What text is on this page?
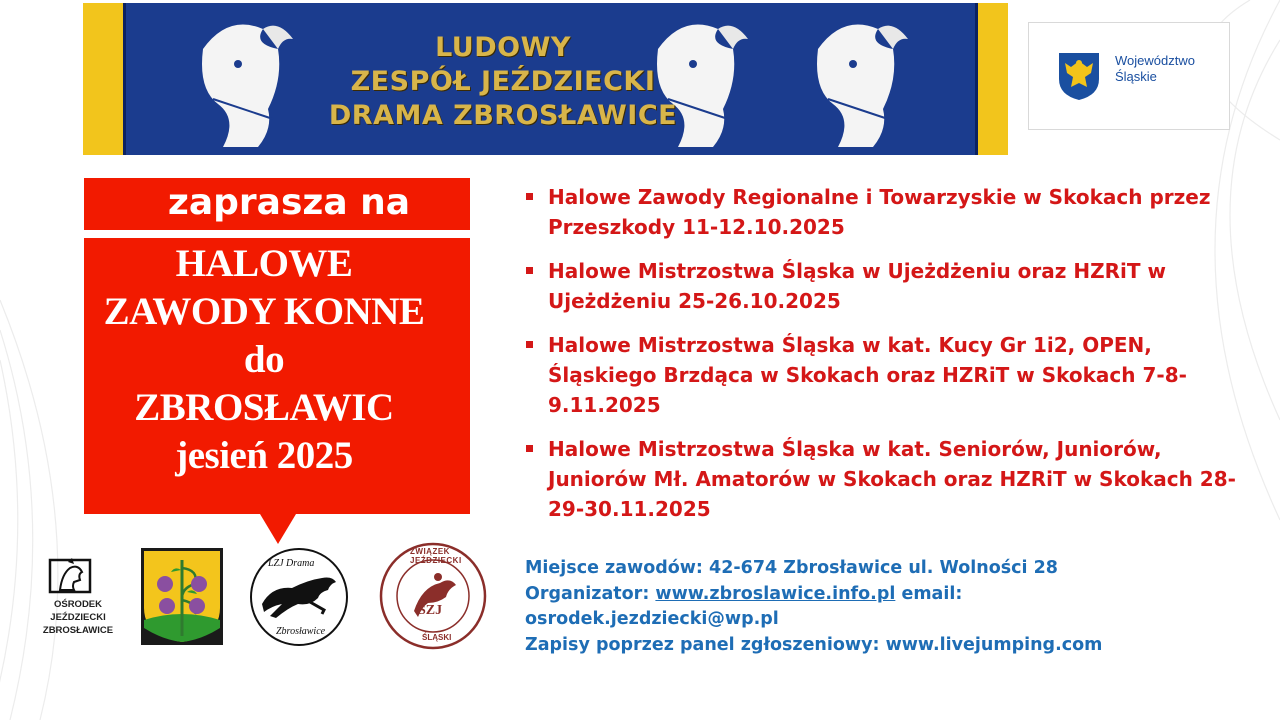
LUDOWY
ZESPÓŁ JEŹDZIECKI
DRAMA ZBROSŁAWICE
Województwo
Śląskie
zaprasza na
HALOWE
ZAWODY KONNE
do
ZBROSŁAWIC
jesień 2025
Halowe Zawody Regionalne i Towarzyskie w Skokach przez Przeszkody 11-12.10.2025
Halowe Mistrzostwa Śląska w Ujeżdżeniu oraz HZRiT w Ujeżdżeniu 25-26.10.2025
Halowe Mistrzostwa Śląska w kat. Kucy Gr 1i2, OPEN, Śląskiego Brzdąca w Skokach oraz HZRiT w Skokach 7-8-9.11.2025
Halowe Mistrzostwa Śląska w kat. Seniorów, Juniorów, Juniorów Mł. Amatorów w Skokach oraz HZRiT w Skokach 28-29-30.11.2025
Miejsce zawodów: 42-674 Zbrosławice ul. Wolności 28
Organizator: www.zbroslawice.info.pl email:
osrodek.jezdziecki@wp.pl
Zapisy poprzez panel zgłoszeniowy: www.livejumping.com
OŚRODEK JEŹDZIECKI
ZBROSŁAWICE
LZJ Drama
Zbrosławice
ZWIĄZEK JEŹDZIECKI
ŚLĄSKI
ŚZJ
